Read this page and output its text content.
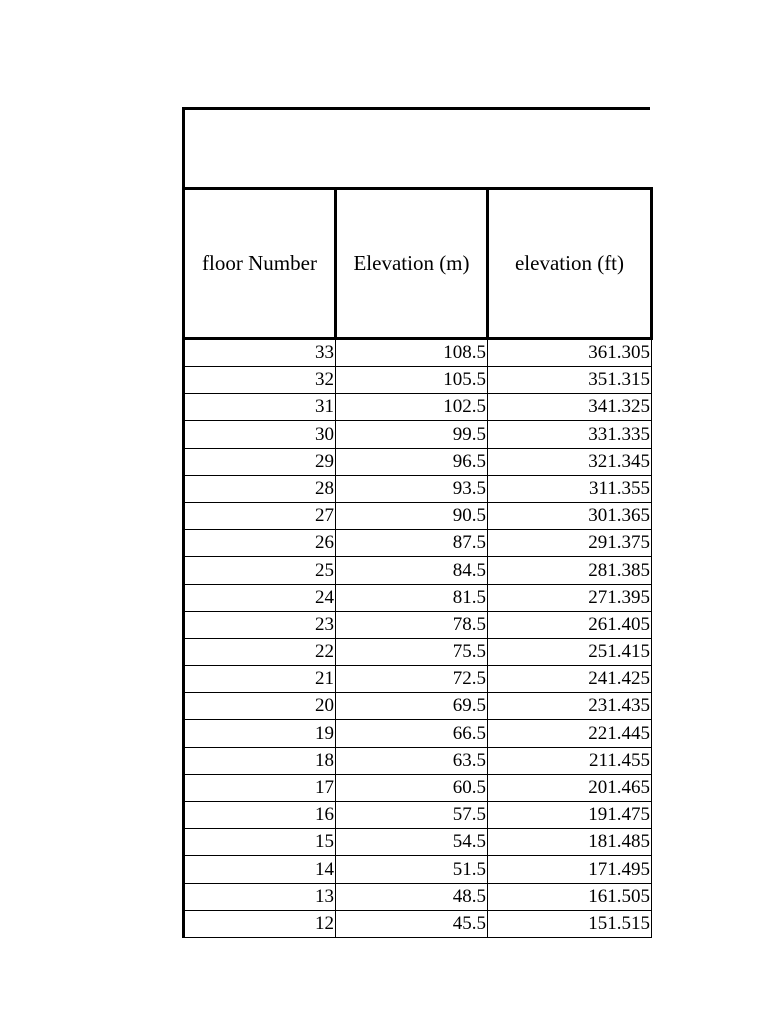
floor Number	Elevation (m)	elevation (ft)
33	108.5	361.305
32	105.5	351.315
31	102.5	341.325
30	99.5	331.335
29	96.5	321.345
28	93.5	311.355
27	90.5	301.365
26	87.5	291.375
25	84.5	281.385
24	81.5	271.395
23	78.5	261.405
22	75.5	251.415
21	72.5	241.425
20	69.5	231.435
19	66.5	221.445
18	63.5	211.455
17	60.5	201.465
16	57.5	191.475
15	54.5	181.485
14	51.5	171.495
13	48.5	161.505
12	45.5	151.515
